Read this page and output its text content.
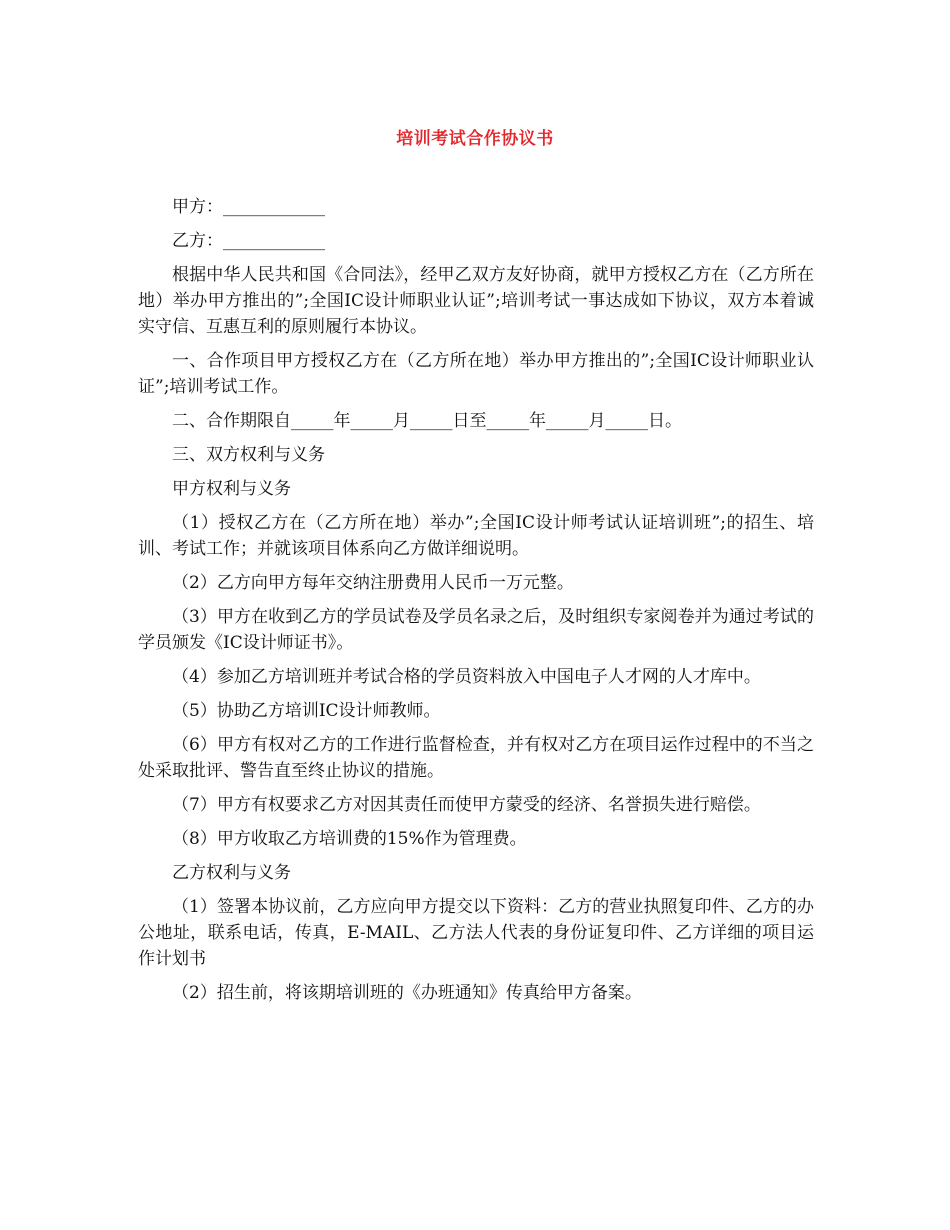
培训考试合作协议书

甲方：____________

乙方：____________

根据中华人民共和国《合同法》，经甲乙双方友好协商，就甲方授权乙方在（乙方所在地）举办甲方推出的”;全国IC设计师职业认证”;培训考试一事达成如下协议，双方本着诚实守信、互惠互利的原则履行本协议。

一、合作项目甲方授权乙方在（乙方所在地）举办甲方推出的”;全国IC设计师职业认证”;培训考试工作。

二、合作期限自_____年_____月_____日至_____年_____月_____日。

三、双方权利与义务

甲方权利与义务

（1）授权乙方在（乙方所在地）举办”;全国IC设计师考试认证培训班”;的招生、培训、考试工作；并就该项目体系向乙方做详细说明。

（2）乙方向甲方每年交纳注册费用人民币一万元整。

（3）甲方在收到乙方的学员试卷及学员名录之后，及时组织专家阅卷并为通过考试的学员颁发《IC设计师证书》。

（4）参加乙方培训班并考试合格的学员资料放入中国电子人才网的人才库中。

（5）协助乙方培训IC设计师教师。

（6）甲方有权对乙方的工作进行监督检查，并有权对乙方在项目运作过程中的不当之处采取批评、警告直至终止协议的措施。

（7）甲方有权要求乙方对因其责任而使甲方蒙受的经济、名誉损失进行赔偿。

（8）甲方收取乙方培训费的15%作为管理费。

乙方权利与义务

（1）签署本协议前，乙方应向甲方提交以下资料：乙方的营业执照复印件、乙方的办公地址，联系电话，传真，E-MAIL、乙方法人代表的身份证复印件、乙方详细的项目运作计划书

（2）招生前，将该期培训班的《办班通知》传真给甲方备案。
